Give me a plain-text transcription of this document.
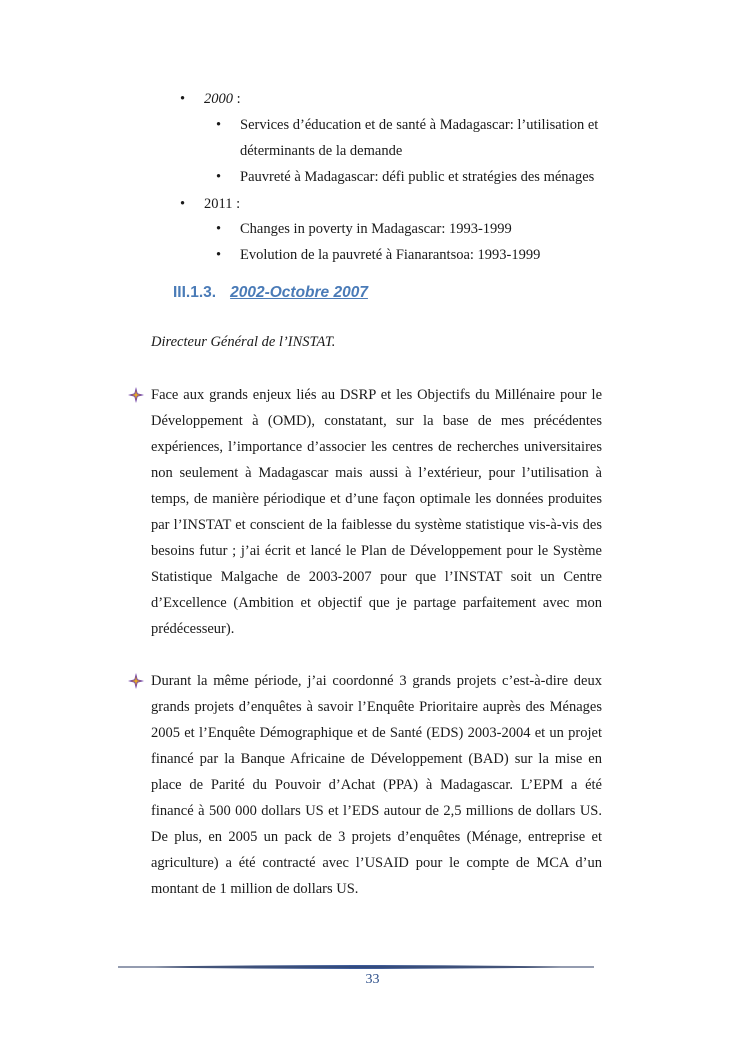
• 2000 :
• Services d’éducation et de santé à Madagascar: l’utilisation et déterminants de la demande
• Pauvreté à Madagascar: défi public et stratégies des ménages
• 2011 :
• Changes in poverty in Madagascar: 1993-1999
• Evolution de la pauvreté à Fianarantsoa: 1993-1999
III.1.3. 2002-Octobre 2007
Directeur Général de l’INSTAT.
Face aux grands enjeux liés au DSRP et les Objectifs du Millénaire pour le Développement à (OMD), constatant, sur la base de mes précédentes expériences, l’importance d’associer les centres de recherches universitaires non seulement à Madagascar mais aussi à l’extérieur, pour l’utilisation à temps, de manière périodique et d’une façon optimale les données produites par l’INSTAT et conscient de la faiblesse du système statistique vis-à-vis des besoins futur ; j’ai écrit et lancé le Plan de Développement pour le Système Statistique Malgache de 2003-2007 pour que l’INSTAT soit un Centre d’Excellence (Ambition et objectif que je partage parfaitement avec mon prédécesseur).
Durant la même période, j’ai coordonné 3 grands projets c’est-à-dire deux grands projets d’enquêtes à savoir l’Enquête Prioritaire auprès des Ménages 2005 et l’Enquête Démographique et de Santé (EDS) 2003-2004 et un projet financé par la Banque Africaine de Développement (BAD) sur la mise en place de Parité du Pouvoir d’Achat (PPA) à Madagascar. L’EPM a été financé à 500 000 dollars US et l’EDS autour de 2,5 millions de dollars US. De plus, en 2005 un pack de 3 projets d’enquêtes (Ménage, entreprise et agriculture) a été contracté avec l’USAID pour le compte de MCA d’un montant de 1 million de dollars US.
33
